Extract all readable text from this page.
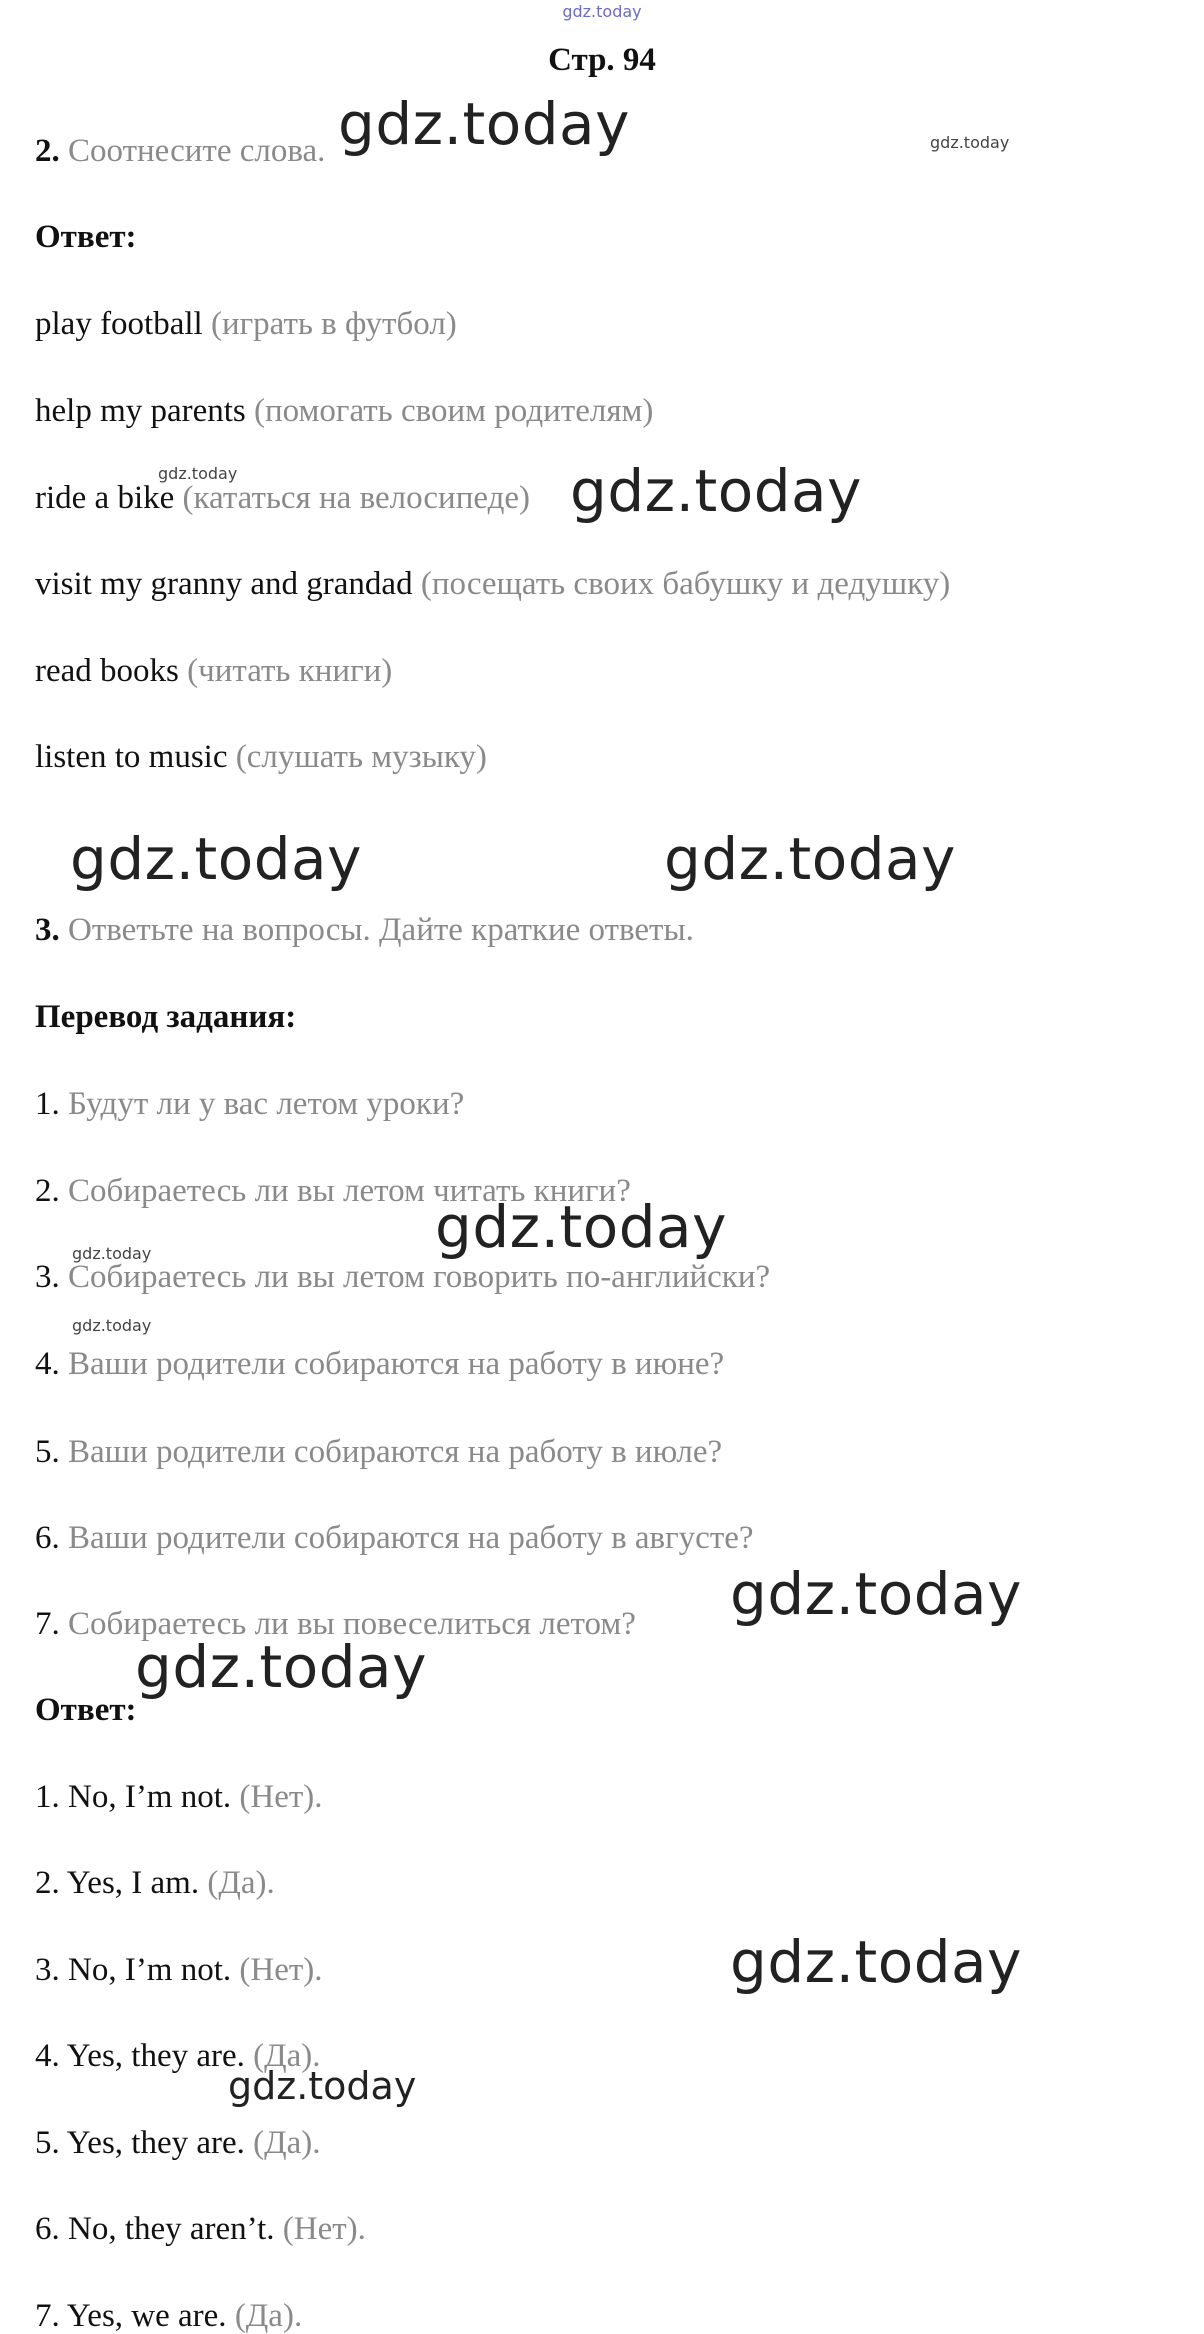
gdz.today
Стр. 94
2. Соотнесите слова.
Ответ:
play football (играть в футбол)
help my parents (помогать своим родителям)
ride a bike (кататься на велосипеде)
visit my granny and grandad (посещать своих бабушку и дедушку)
read books (читать книги)
listen to music (слушать музыку)
3. Ответьте на вопросы. Дайте краткие ответы.
Перевод задания:
1. Будут ли у вас летом уроки?
2. Собираетесь ли вы летом читать книги?
3. Собираетесь ли вы летом говорить по-английски?
4. Ваши родители собираются на работу в июне?
5. Ваши родители собираются на работу в июле?
6. Ваши родители собираются на работу в августе?
7. Собираетесь ли вы повеселиться летом?
Ответ:
1. No, I’m not. (Нет).
2. Yes, I am. (Да).
3. No, I’m not. (Нет).
4. Yes, they are. (Да).
5. Yes, they are. (Да).
6. No, they aren’t. (Нет).
7. Yes, we are. (Да).
gdz.today	gdz.today
gdz.today	gdz.today
gdz.today	gdz.today
gdz.today
gdz.today
gdz.today
gdz.today
gdz.today
gdz.today
gdz.today
